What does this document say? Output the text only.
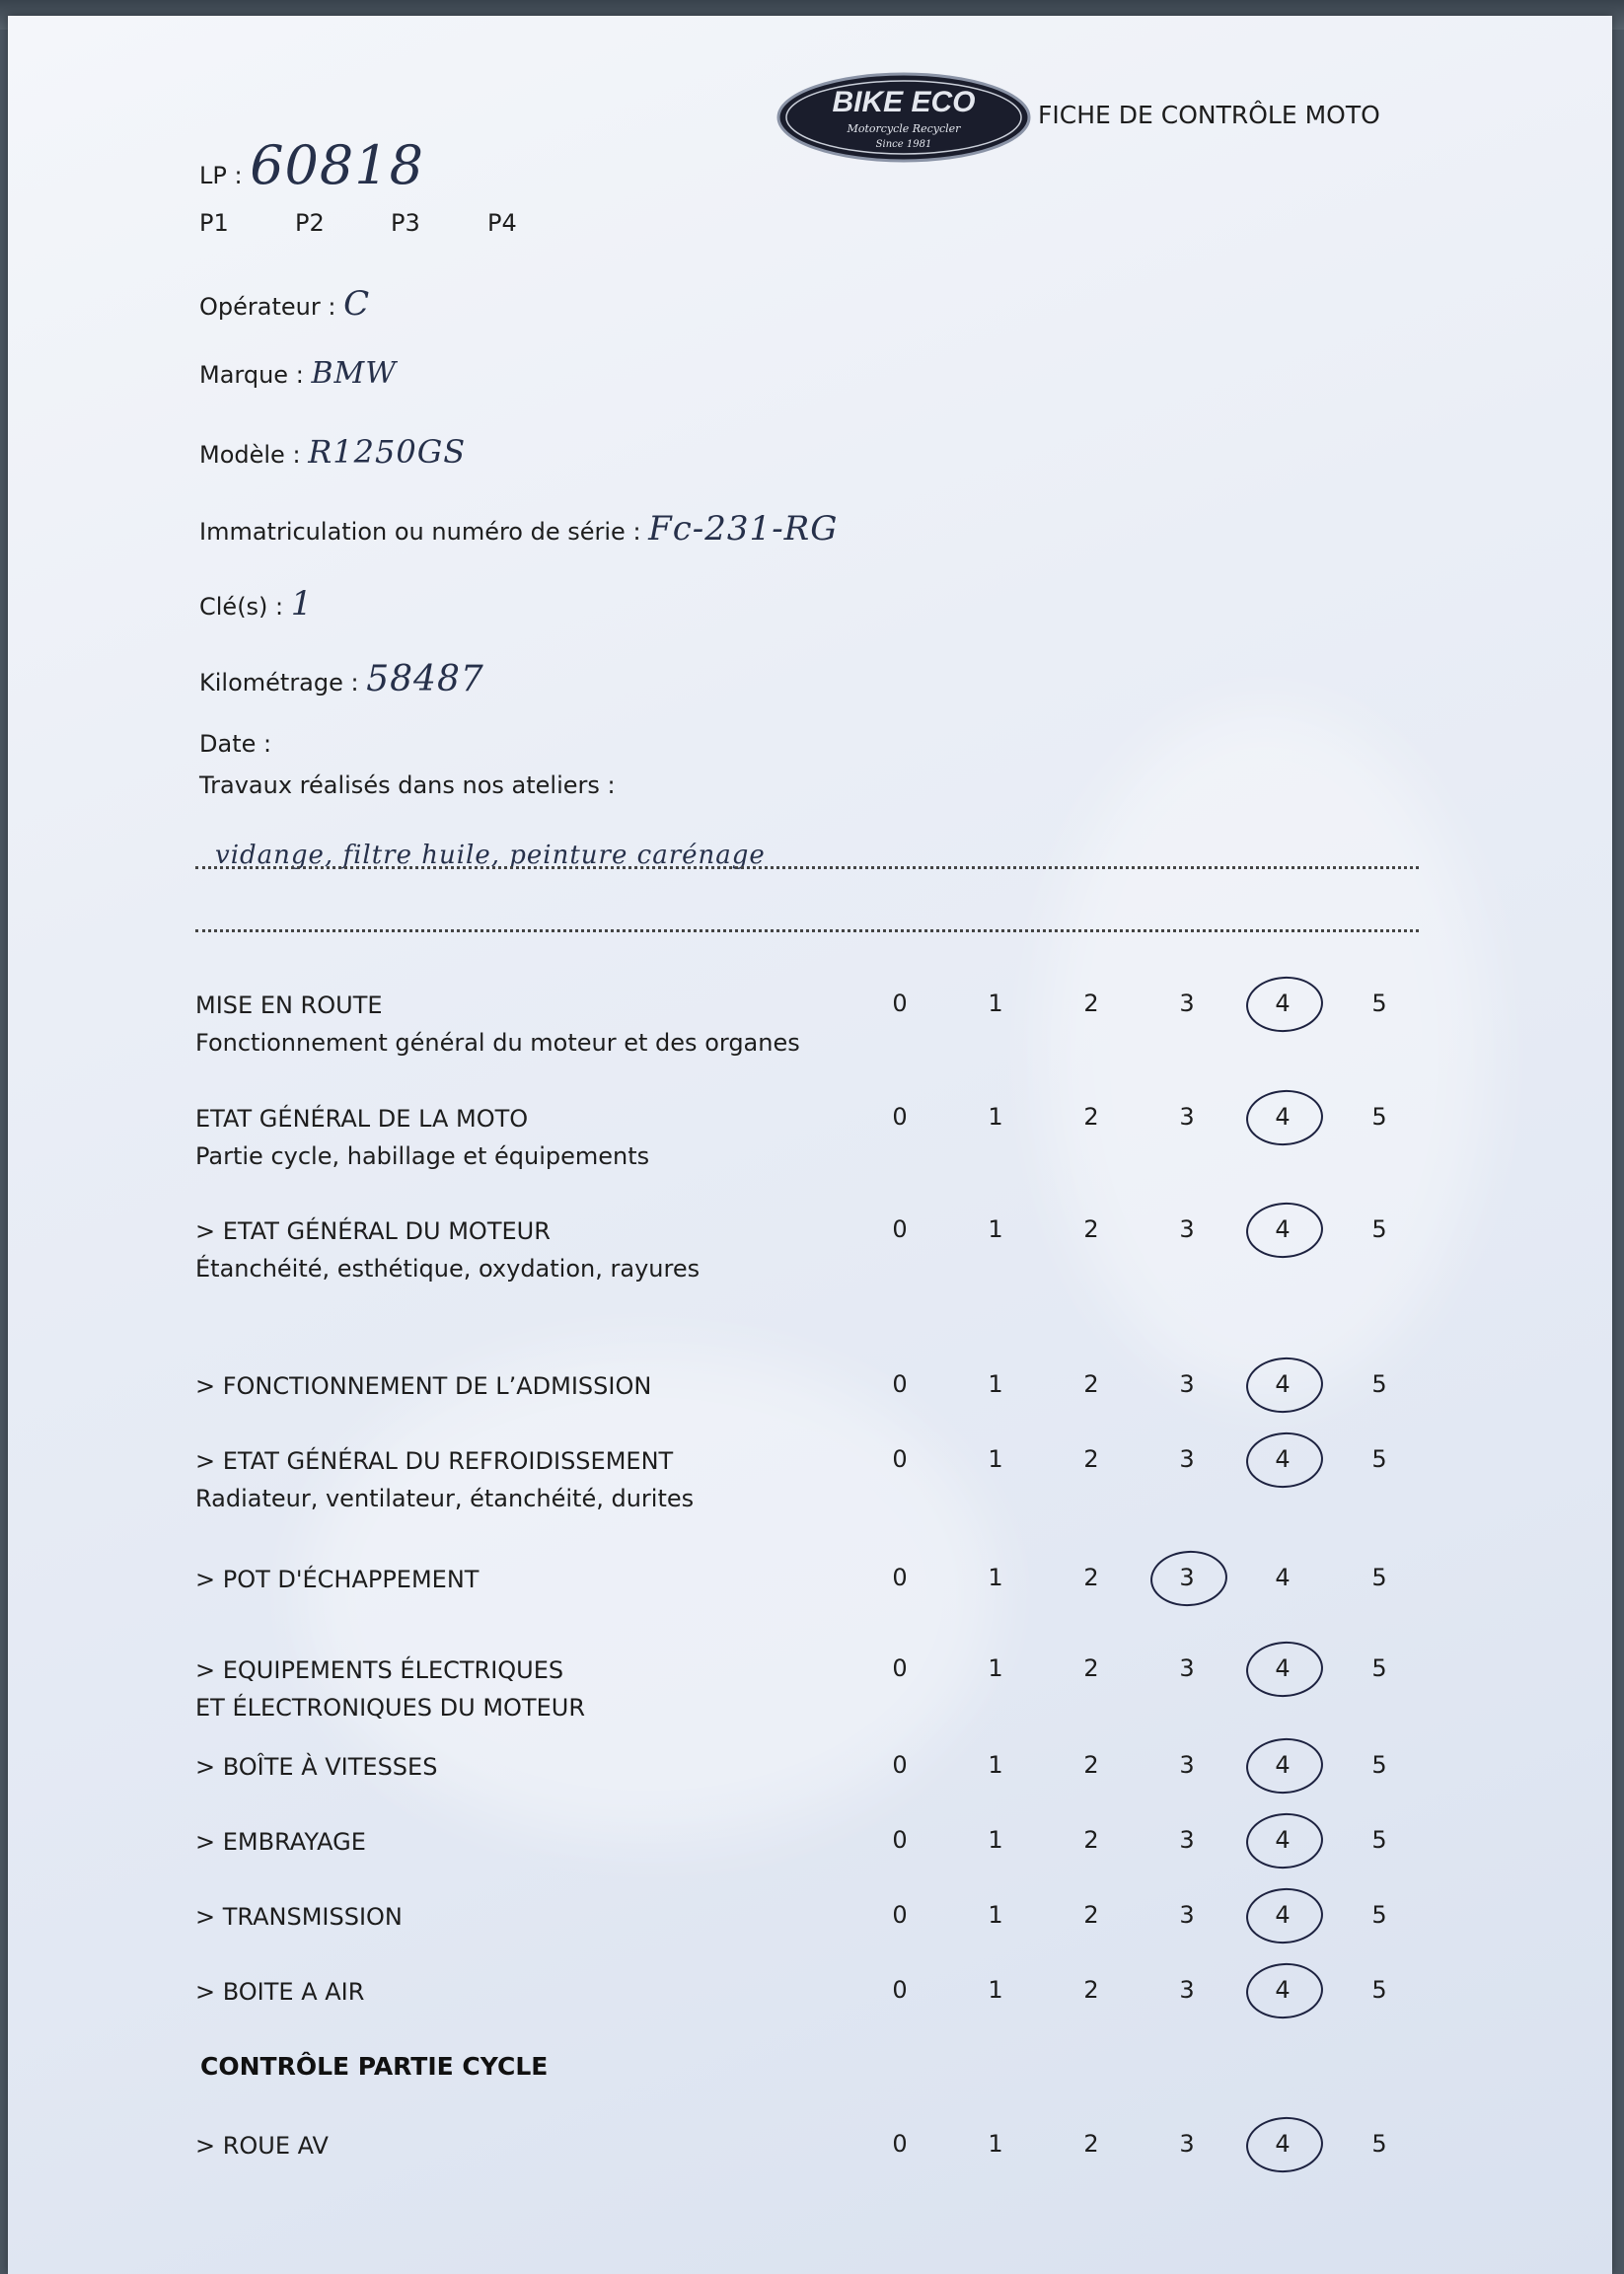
BIKE ECO
Motorcycle Recycler
Since 1981
FICHE DE CONTRÔLE MOTO
LP : 60818
P1	P2	P3	P4
Opérateur : C
Marque : BMW
Modèle : R1250GS
Immatriculation ou numéro de série : Fc-231-RG
Clé(s) : 1
Kilométrage : 58487
Date :
Travaux réalisés dans nos ateliers :
vidange, filtre huile, peinture carénage
MISE EN ROUTE
Fonctionnement général du moteur et des organes
0	1	2	3	4	5
ETAT GÉNÉRAL DE LA MOTO
Partie cycle, habillage et équipements
0	1	2	3	4	5
> ETAT GÉNÉRAL DU MOTEUR
Étanchéité, esthétique, oxydation, rayures
0	1	2	3	4	5
> FONCTIONNEMENT DE L’ADMISSION	0	1	2	3	4	5
> ETAT GÉNÉRAL DU REFROIDISSEMENT
Radiateur, ventilateur, étanchéité, durites
0	1	2	3	4	5
> POT D'ÉCHAPPEMENT	0	1	2	3	4	5
> EQUIPEMENTS ÉLECTRIQUES
ET ÉLECTRONIQUES DU MOTEUR
0	1	2	3	4	5
> BOÎTE À VITESSES	0	1	2	3	4	5
> EMBRAYAGE	0	1	2	3	4	5
> TRANSMISSION	0	1	2	3	4	5
> BOITE A AIR	0	1	2	3	4	5
CONTRÔLE PARTIE CYCLE
> ROUE AV	0	1	2	3	4	5
